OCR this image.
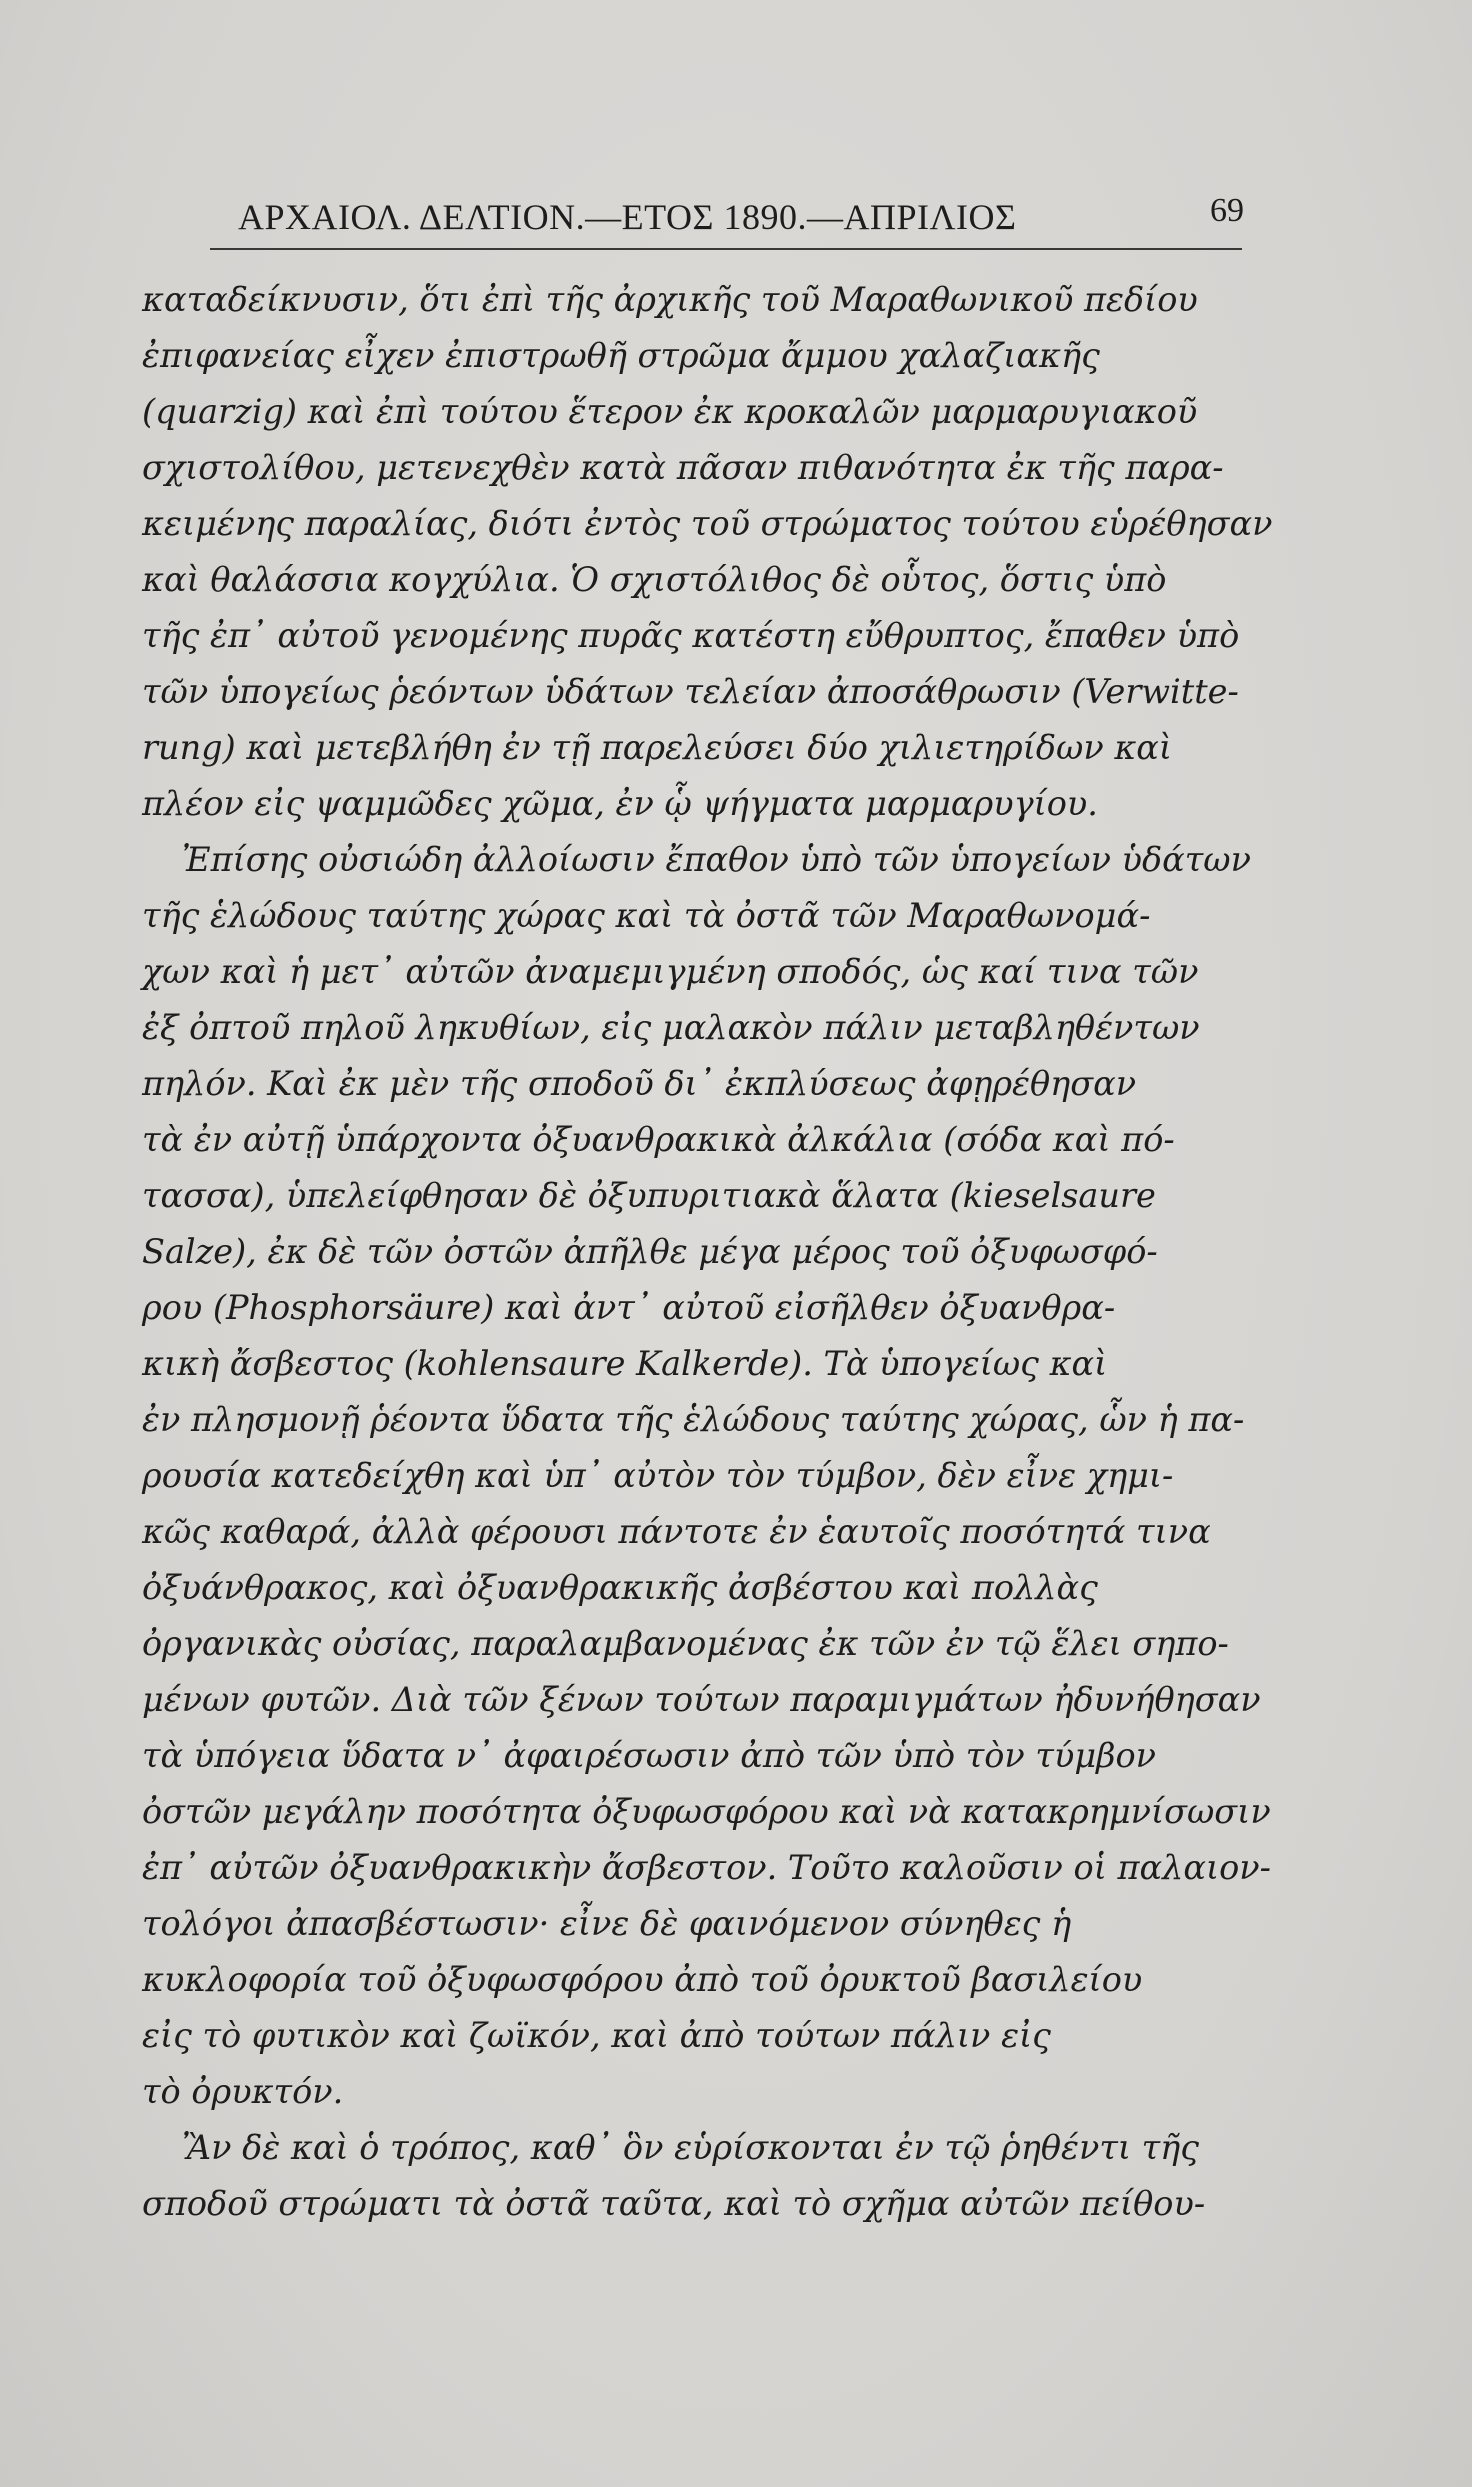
ΑΡΧΑΙΟΛ. ΔΕΛΤΙΟΝ.—ΕΤΟΣ 1890.—ΑΠΡΙΛΙΟΣ	69
καταδείκνυσιν, ὅτι ἐπὶ τῆς ἀρχικῆς τοῦ Μαραθωνικοῦ πεδίου
ἐπιφανείας εἶχεν ἐπιστρωθῆ στρῶμα ἄμμου χαλαζιακῆς
(quarzig) καὶ ἐπὶ τούτου ἕτερον ἐκ κροκαλῶν μαρμαρυγιακοῦ
σχιστολίθου, μετενεχθὲν κατὰ πᾶσαν πιθανότητα ἐκ τῆς παρα-
κειμένης παραλίας, διότι ἐντὸς τοῦ στρώματος τούτου εὑρέθησαν
καὶ θαλάσσια κογχύλια. Ὁ σχιστόλιθος δὲ οὗτος, ὅστις ὑπὸ
τῆς ἐπ᾽ αὐτοῦ γενομένης πυρᾶς κατέστη εὔθρυπτος, ἔπαθεν ὑπὸ
τῶν ὑπογείως ῥεόντων ὑδάτων τελείαν ἀποσάθρωσιν (Verwitte-
rung) καὶ μετεβλήθη ἐν τῇ παρελεύσει δύο χιλιετηρίδων καὶ
πλέον εἰς ψαμμῶδες χῶμα, ἐν ᾧ ψήγματα μαρμαρυγίου.
Ἐπίσης οὐσιώδη ἀλλοίωσιν ἔπαθον ὑπὸ τῶν ὑπογείων ὑδάτων
τῆς ἑλώδους ταύτης χώρας καὶ τὰ ὀστᾶ τῶν Μαραθωνομά-
χων καὶ ἡ μετ᾽ αὐτῶν ἀναμεμιγμένη σποδός, ὡς καί τινα τῶν
ἐξ ὀπτοῦ πηλοῦ ληκυθίων, εἰς μαλακὸν πάλιν μεταβληθέντων
πηλόν. Καὶ ἐκ μὲν τῆς σποδοῦ δι᾽ ἐκπλύσεως ἀφῃρέθησαν
τὰ ἐν αὐτῇ ὑπάρχοντα ὀξυανθρακικὰ ἀλκάλια (σόδα καὶ πό-
τασσα), ὑπελείφθησαν δὲ ὀξυπυριτιακὰ ἅλατα (kieselsaure
Salze), ἐκ δὲ τῶν ὀστῶν ἀπῆλθε μέγα μέρος τοῦ ὀξυφωσφό-
ρου (Phosphorsäure) καὶ ἀντ᾽ αὐτοῦ εἰσῆλθεν ὀξυανθρα-
κικὴ ἄσβεστος (kohlensaure Kalkerde). Τὰ ὑπογείως καὶ
ἐν πλησμονῇ ῥέοντα ὕδατα τῆς ἑλώδους ταύτης χώρας, ὧν ἡ πα-
ρουσία κατεδείχθη καὶ ὑπ᾽ αὐτὸν τὸν τύμβον, δὲν εἶνε χημι-
κῶς καθαρά, ἀλλὰ φέρουσι πάντοτε ἐν ἑαυτοῖς ποσότητά τινα
ὀξυάνθρακος, καὶ ὀξυανθρακικῆς ἀσβέστου καὶ πολλὰς
ὀργανικὰς οὐσίας, παραλαμβανομένας ἐκ τῶν ἐν τῷ ἕλει σηπο-
μένων φυτῶν. Διὰ τῶν ξένων τούτων παραμιγμάτων ἠδυνήθησαν
τὰ ὑπόγεια ὕδατα ν᾽ ἀφαιρέσωσιν ἀπὸ τῶν ὑπὸ τὸν τύμβον
ὀστῶν μεγάλην ποσότητα ὀξυφωσφόρου καὶ νὰ κατακρημνίσωσιν
ἐπ᾽ αὐτῶν ὀξυανθρακικὴν ἄσβεστον. Τοῦτο καλοῦσιν οἱ παλαιον-
τολόγοι ἀπασβέστωσιν· εἶνε δὲ φαινόμενον σύνηθες ἡ
κυκλοφορία τοῦ ὀξυφωσφόρου ἀπὸ τοῦ ὀρυκτοῦ βασιλείου
εἰς τὸ φυτικὸν καὶ ζωϊκόν, καὶ ἀπὸ τούτων πάλιν εἰς
τὸ ὀρυκτόν.
Ἂν δὲ καὶ ὁ τρόπος, καθ᾽ ὃν εὑρίσκονται ἐν τῷ ῥηθέντι τῆς
σποδοῦ στρώματι τὰ ὀστᾶ ταῦτα, καὶ τὸ σχῆμα αὐτῶν πείθου-
